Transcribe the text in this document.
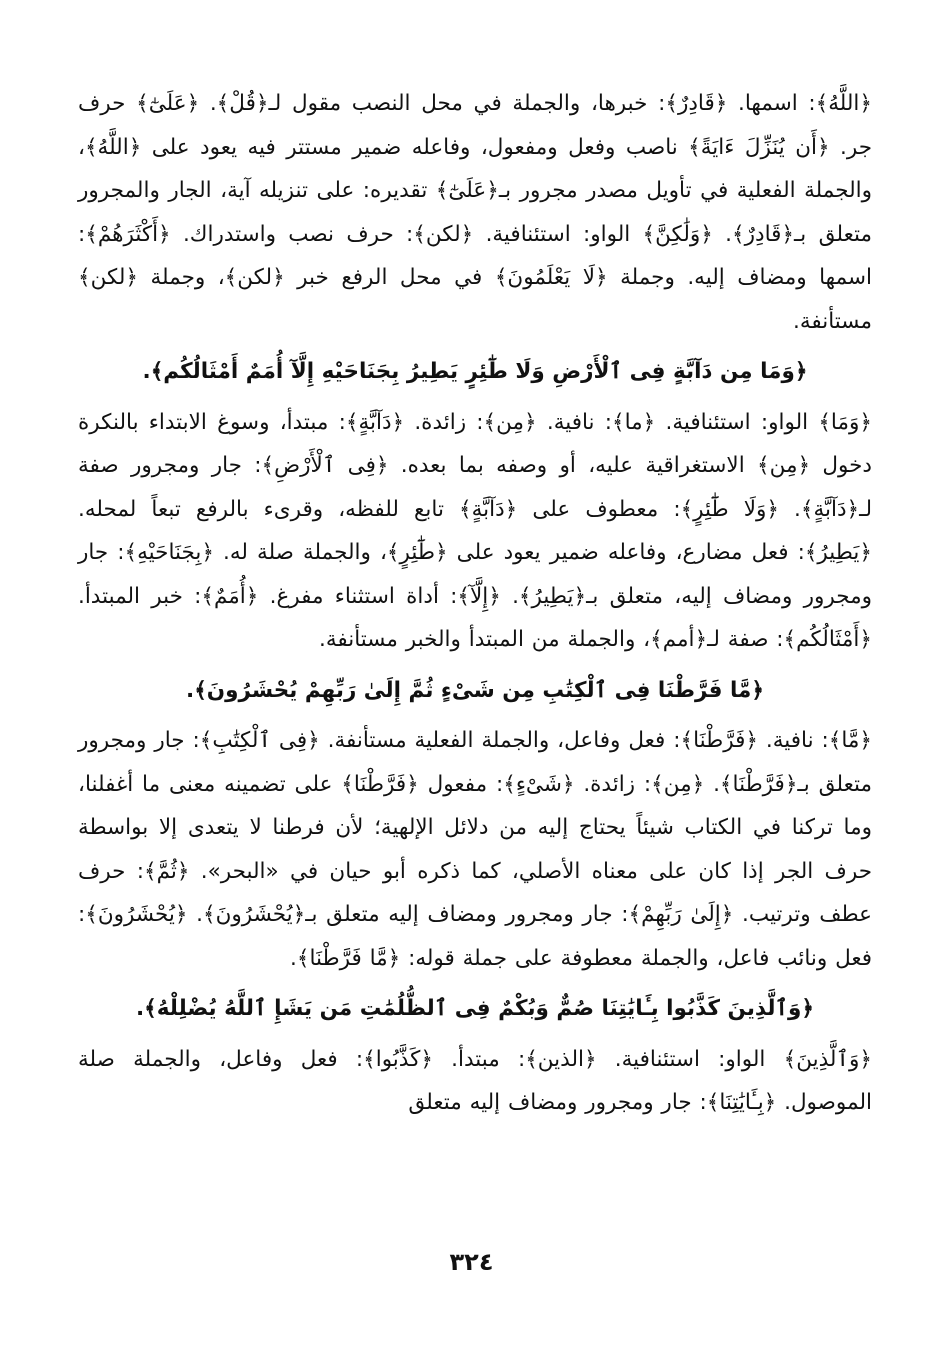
﴿اللَّهُ﴾: اسمها. ﴿قَادِرٌ﴾: خبرها، والجملة في محل النصب مقول لـ﴿قُلْ﴾. ﴿عَلَىٰٓ﴾ حرف جر. ﴿أَن يُنَزِّلَ ءَايَةً﴾ ناصب وفعل ومفعول، وفاعله ضمير مستتر فيه يعود على ﴿اللَّهُ﴾، والجملة الفعلية في تأويل مصدر مجرور بـ﴿عَلَىٰٓ﴾ تقديره: على تنزيله آية، الجار والمجرور متعلق بـ﴿قَادِرٌ﴾. ﴿وَلَٰكِنَّ﴾ الواو: استئنافية. ﴿لكن﴾: حرف نصب واستدراك. ﴿أَكْثَرَهُمْ﴾: اسمها ومضاف إليه. وجملة ﴿لَا يَعْلَمُونَ﴾ في محل الرفع خبر ﴿لكن﴾، وجملة ﴿لكن﴾ مستأنفة.

﴿وَمَا مِن دَآبَّةٍ فِى ٱلْأَرْضِ وَلَا طَٰٓئِرٍ يَطِيرُ بِجَنَاحَيْهِ إِلَّآ أُمَمٌ أَمْثَالُكُم﴾.

﴿وَمَا﴾ الواو: استئنافية. ﴿ما﴾: نافية. ﴿مِن﴾: زائدة. ﴿دَآبَّةٍ﴾: مبتدأ، وسوغ الابتداء بالنكرة دخول ﴿مِن﴾ الاستغراقية عليه، أو وصفه بما بعده. ﴿فِى ٱلْأَرْضِ﴾: جار ومجرور صفة لـ﴿دَآبَّةٍ﴾. ﴿وَلَا طَٰٓئِرٍ﴾: معطوف على ﴿دَآبَّةٍ﴾ تابع للفظه، وقرىء بالرفع تبعاً لمحله. ﴿يَطِيرُ﴾: فعل مضارع، وفاعله ضمير يعود على ﴿طَٰٓئِرٍ﴾، والجملة صلة له. ﴿بِجَنَاحَيْهِ﴾: جار ومجرور ومضاف إليه، متعلق بـ﴿يَطِيرُ﴾. ﴿إِلَّآ﴾: أداة استثناء مفرغ. ﴿أُمَمٌ﴾: خبر المبتدأ. ﴿أَمْثَالُكُم﴾: صفة لـ﴿أمم﴾، والجملة من المبتدأ والخبر مستأنفة.

﴿مَّا فَرَّطْنَا فِى ٱلْكِتَٰبِ مِن شَىْءٍ ثُمَّ إِلَىٰ رَبِّهِمْ يُحْشَرُونَ﴾.

﴿مَّا﴾: نافية. ﴿فَرَّطْنَا﴾: فعل وفاعل، والجملة الفعلية مستأنفة. ﴿فِى ٱلْكِتَٰبِ﴾: جار ومجرور متعلق بـ﴿فَرَّطْنَا﴾. ﴿مِن﴾: زائدة. ﴿شَىْءٍ﴾: مفعول ﴿فَرَّطْنَا﴾ على تضمينه معنى ما أغفلنا، وما تركنا في الكتاب شيئاً يحتاج إليه من دلائل الإلهية؛ لأن فرطنا لا يتعدى إلا بواسطة حرف الجر إذا كان على معناه الأصلي، كما ذكره أبو حيان في «البحر». ﴿ثُمَّ﴾: حرف عطف وترتيب. ﴿إِلَىٰ رَبِّهِمْ﴾: جار ومجرور ومضاف إليه متعلق بـ﴿يُحْشَرُونَ﴾. ﴿يُحْشَرُونَ﴾: فعل ونائب فاعل، والجملة معطوفة على جملة قوله: ﴿مَّا فَرَّطْنَا﴾.

﴿وَٱلَّذِينَ كَذَّبُوا بِـَٔايَٰتِنَا صُمٌّ وَبُكْمٌ فِى ٱلظُّلُمَٰتِ مَن يَشَإِ ٱللَّهُ يُضْلِلْهُ﴾.

﴿وَٱلَّذِينَ﴾ الواو: استئنافية. ﴿الذين﴾: مبتدأ. ﴿كَذَّبُوا﴾: فعل وفاعل، والجملة صلة الموصول. ﴿بِـَٔايَٰتِنَا﴾: جار ومجرور ومضاف إليه متعلق

٣٢٤
